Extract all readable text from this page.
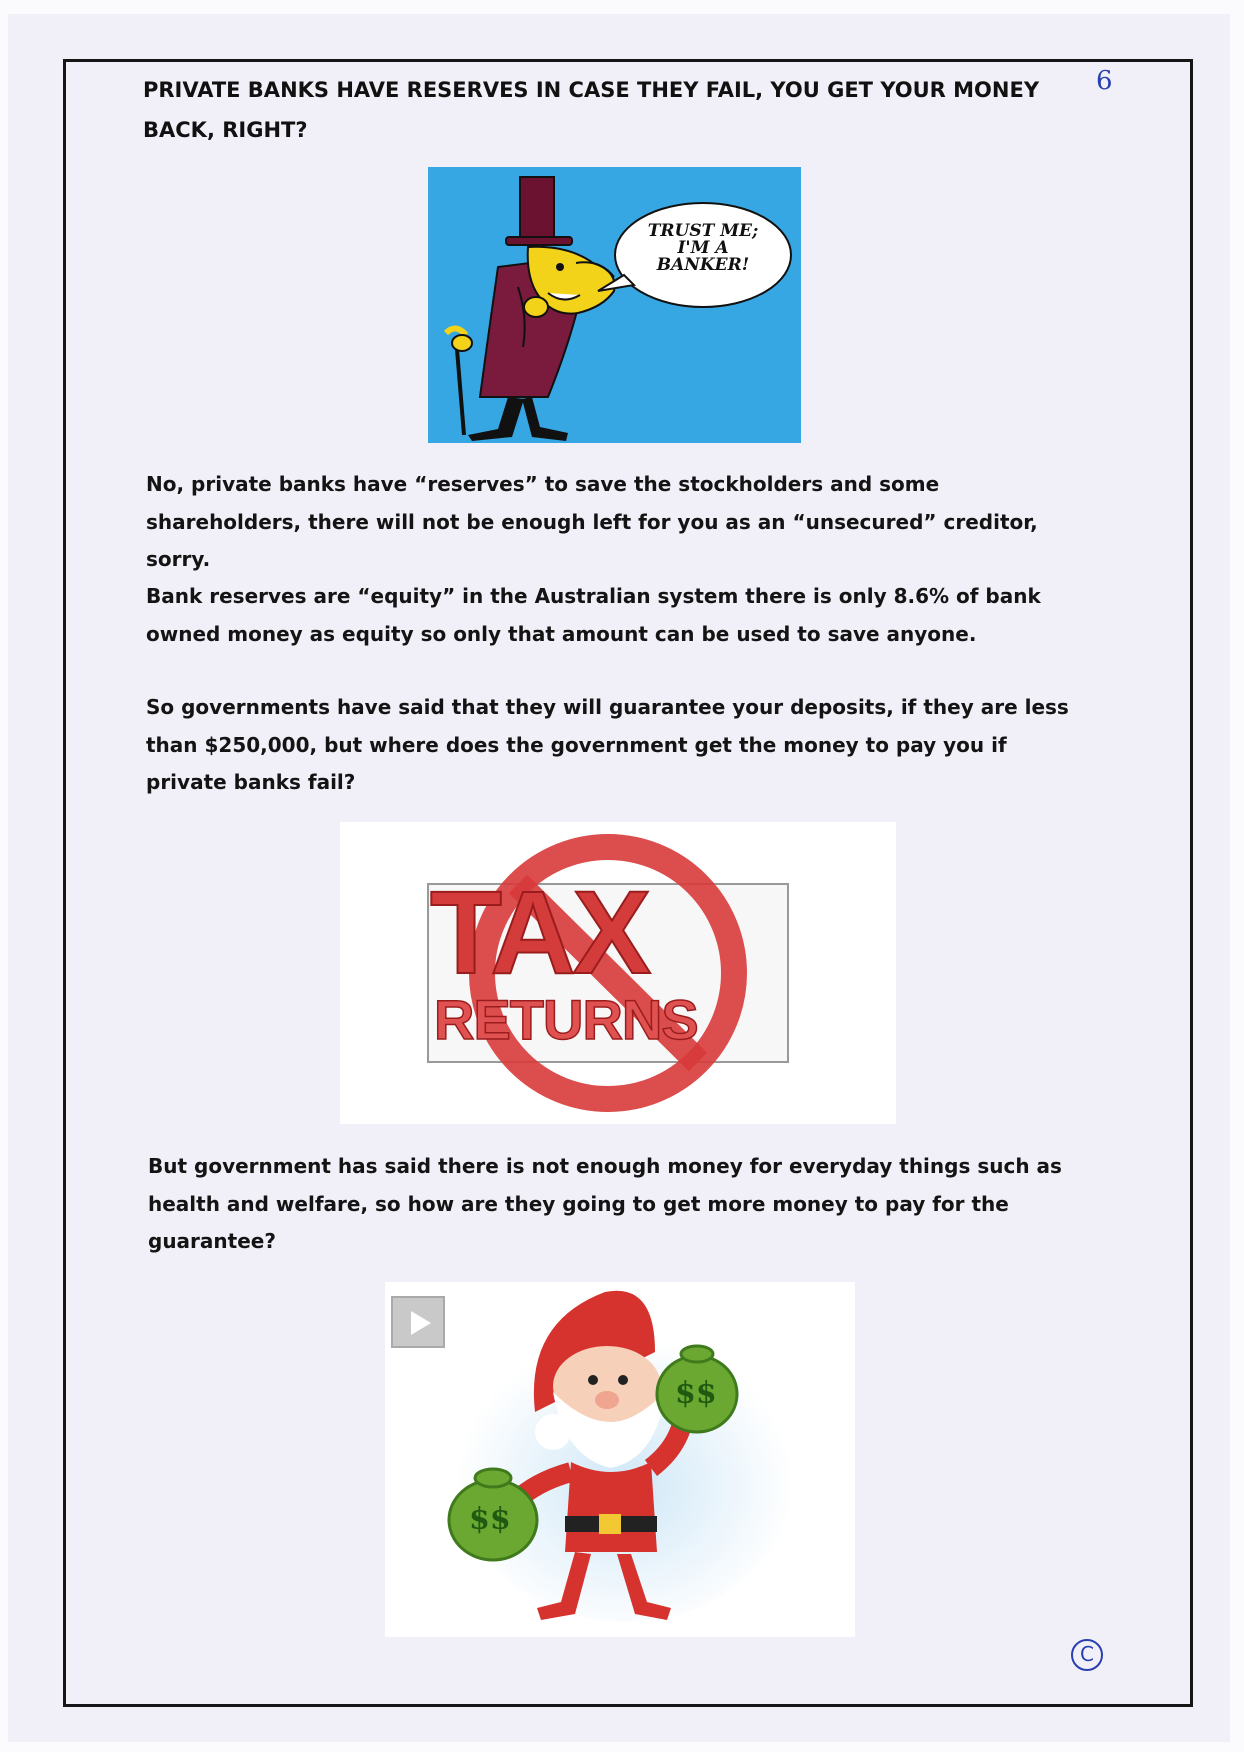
6
PRIVATE BANKS HAVE RESERVES IN CASE THEY FAIL, YOU GET YOUR MONEY BACK, RIGHT?
TRUST ME;
I'M A
BANKER!

No, private banks have “reserves” to save the stockholders and some shareholders, there will not be enough left for you as an “unsecured” creditor, sorry.

Bank reserves are “equity” in the Australian system there is only 8.6% of bank owned money as equity so only that amount can be used to save anyone.

So governments have said that they will guarantee your deposits, if they are less than $250,000, but where does the government get the money to pay you if private banks fail?

TAX
RETURNS

But government has said there is not enough money for everyday things such as health and welfare, so how are they going to get more money to pay for the guarantee?

$$
$$
C
